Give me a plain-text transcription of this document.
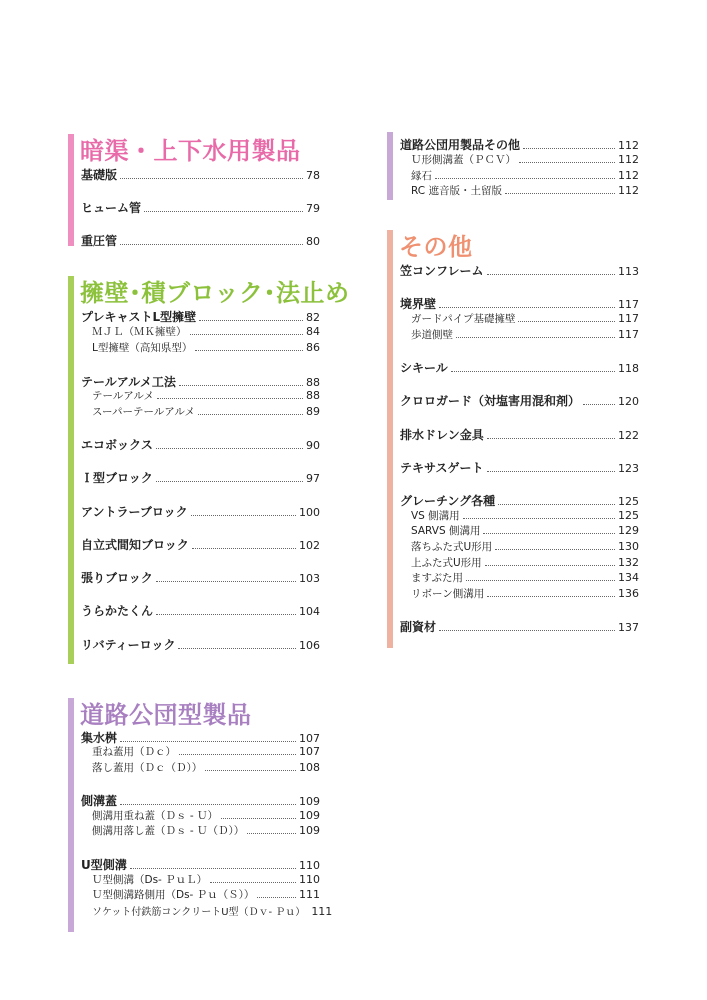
暗渠・上下水用製品
基礎版	78
ヒューム管	79
重圧管	80
擁壁･積ブロック･法止め
プレキャストL型擁壁	82
ＭＪＬ（ＭＫ擁壁）	84
L型擁壁（高知県型）	86
テールアルメ工法	88
テールアルメ	88
スーパーテールアルメ	89
エコボックス	90
Ｉ型ブロック	97
アントラーブロック	100
自立式間知ブロック	102
張りブロック	103
うらかたくん	104
リバティーロック	106
道路公団型製品
集水桝	107
重ね蓋用（Ｄｃ）	107
落し蓋用（Ｄｃ（Ｄ））	108
側溝蓋	109
側溝用重ね蓋（Ｄｓ - Ｕ）	109
側溝用落し蓋（Ｄｓ - Ｕ（Ｄ））	109
U型側溝	110
Ｕ型側溝（Ds- ＰｕＬ）	110
Ｕ型側溝路側用（Ds- Ｐｕ（Ｓ））	111
ソケット付鉄筋コンクリートU型（Ｄｖ- Ｐｕ） 111
道路公団用製品その他	112
Ｕ形側溝蓋（ＰＣＶ）	112
縁石	112
RC 遮音版・土留版	112
その他
笠コンフレーム	113
境界壁	117
ガードパイプ基礎擁壁	117
歩道側壁	117
シキール	118
クロロガード（対塩害用混和剤）	120
排水ドレン金具	122
テキサスゲート	123
グレーチング各種	125
VS 側溝用	125
SARVS 側溝用	129
落ちふた式U形用	130
上ふた式U形用	132
ますぶた用	134
リボーン側溝用	136
副資材	137
